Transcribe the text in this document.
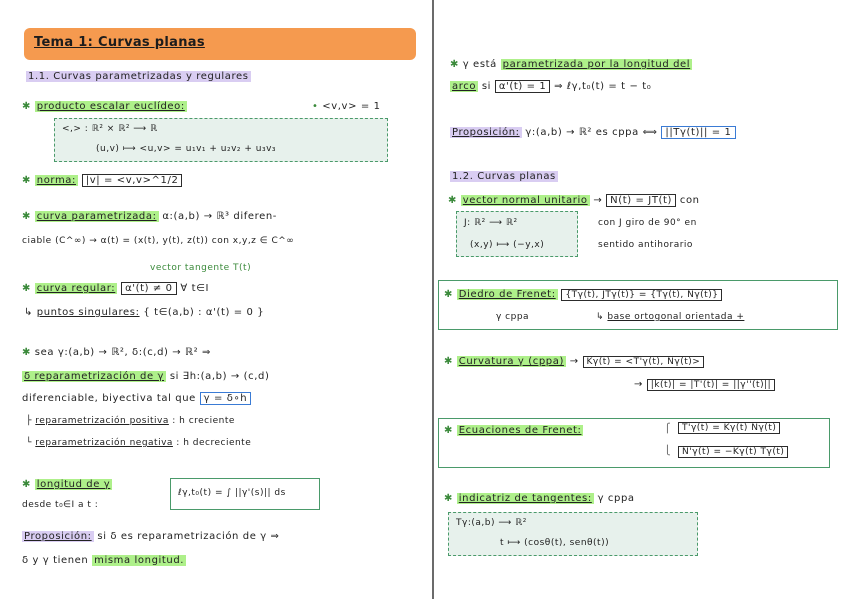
Tema 1: Curvas planas
1.1. Curvas parametrizadas y regulares
✱ producto escalar euclídeo:	• <v,v> = 1
<,> : ℝ² × ℝ² ⟶ ℝ
(u,v) ⟼ <u,v> = u₁v₁ + u₂v₂ + u₃v₃
✱ norma: |v| = <v,v>^1/2
✱ curva parametrizada: α:(a,b) → ℝ³ diferen-
ciable (C^∞) → α(t) = (x(t), y(t), z(t)) con x,y,z ∈ C^∞
vector tangente T(t)
✱ curva regular: α'(t) ≠ 0 ∀ t∈I
↳ puntos singulares: { t∈(a,b) : α'(t) = 0 }
✱ sea γ:(a,b) → ℝ², δ:(c,d) → ℝ² ⇒
δ reparametrización de γ si ∃h:(a,b) → (c,d)
diferenciable, biyectiva tal que γ = δ∘h
├ reparametrización positiva : h creciente
└ reparametrización negativa : h decreciente
✱ longitud de γ
desde t₀∈I a t :
ℓγ,t₀(t) = ∫ ||γ'(s)|| ds
Proposición: si δ es reparametrización de γ ⇒
δ y γ tienen misma longitud.
✱ γ está parametrizada por la longitud del
arco si α'(t) = 1 ⇒ ℓγ,t₀(t) = t − t₀
Proposición: γ:(a,b) → ℝ² es cppa ⟺ ||Tγ(t)|| = 1
1.2. Curvas planas
✱ vector normal unitario → N(t) = JT(t) con
J: ℝ² ⟶ ℝ²
(x,y) ⟼ (−y,x)
con J giro de 90° en
sentido antihorario
✱ Diedro de Frenet: {Tγ(t), JTγ(t)} = {Tγ(t), Nγ(t)}
γ cppa	↳ base ortogonal orientada +
✱ Curvatura γ (cppa) → Kγ(t) = <T'γ(t), Nγ(t)>
→ |k(t)| = |T'(t)| = ||γ''(t)||
✱ Ecuaciones de Frenet:	⎧
⎩
T'γ(t) = Kγ(t) Nγ(t)
N'γ(t) = −Kγ(t) Tγ(t)
✱ indicatriz de tangentes: γ cppa
Tγ:(a,b) ⟶ ℝ²
t ⟼ (cosθ(t), senθ(t))
